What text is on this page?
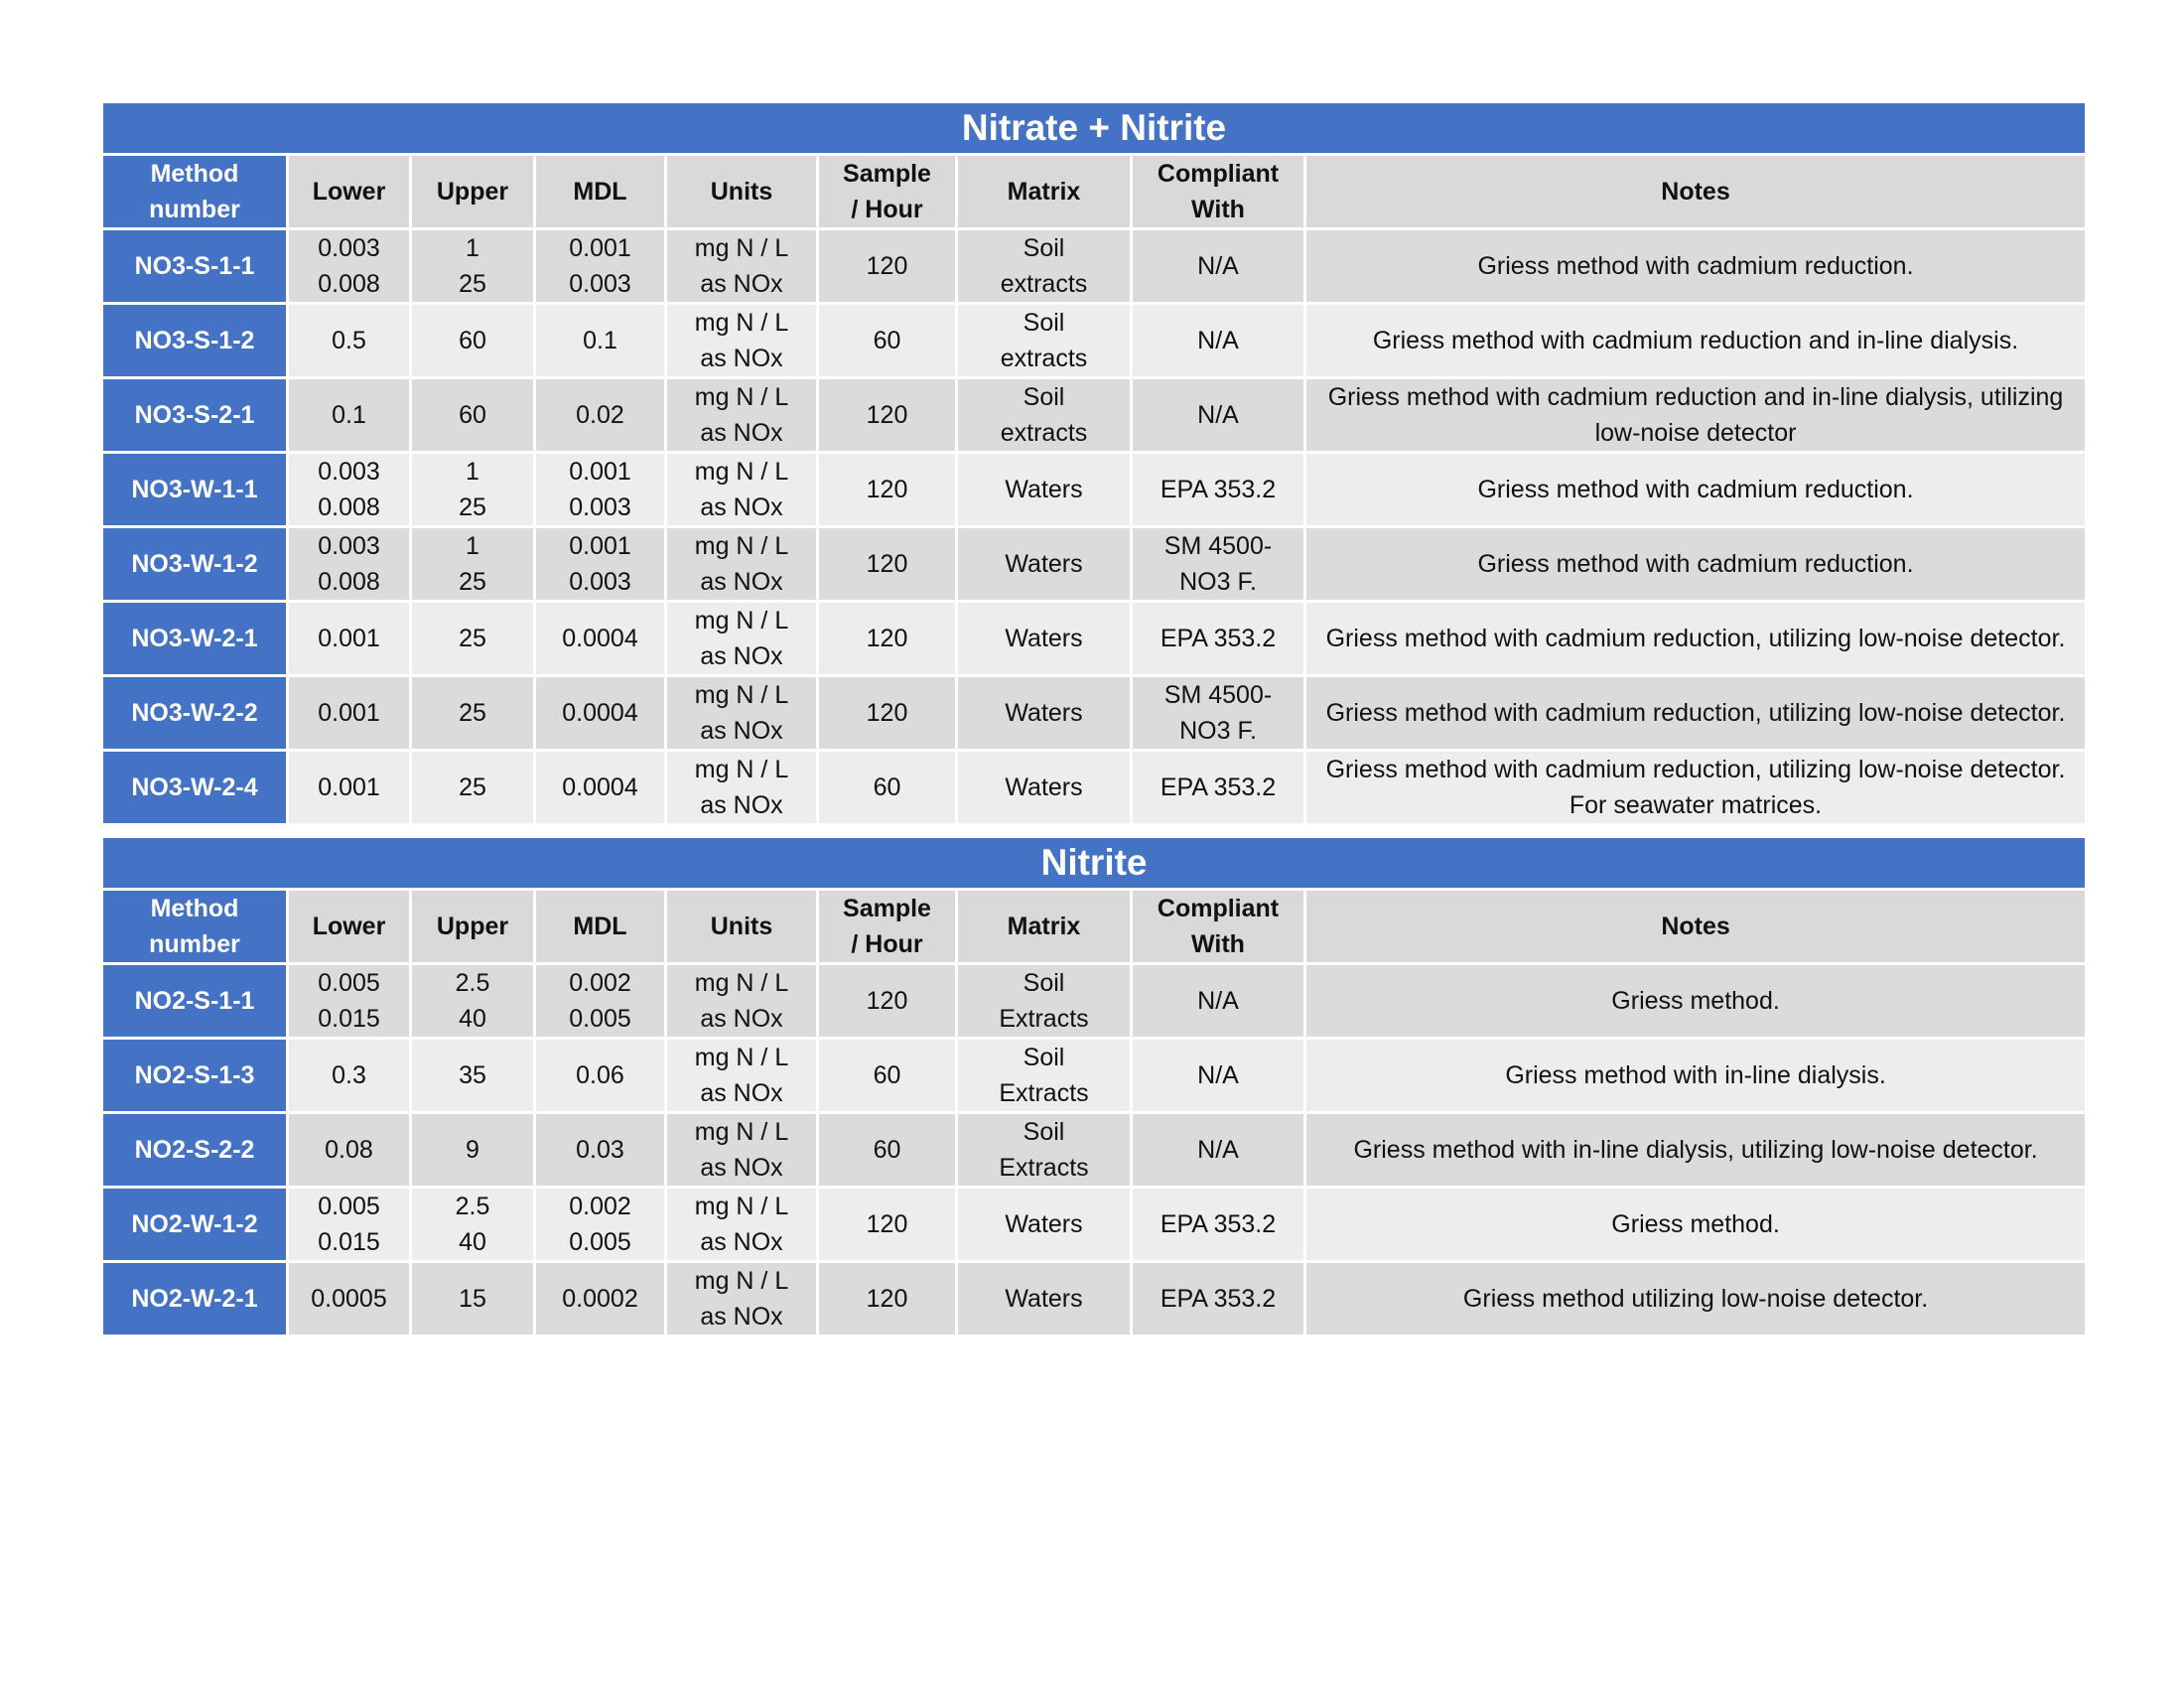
Nitrate + Nitrite								
Method
number	Lower	Upper	MDL	Units	Sample
/ Hour	Matrix	Compliant
With	Notes
NO3-S-1-1	0.003
0.008	1
25	0.001
0.003	mg N / L
as NOx	120	Soil
extracts	N/A	Griess method with cadmium reduction.
NO3-S-1-2	0.5	60	0.1	mg N / L
as NOx	60	Soil
extracts	N/A	Griess method with cadmium reduction and in-line dialysis.
NO3-S-2-1	0.1	60	0.02	mg N / L
as NOx	120	Soil
extracts	N/A	Griess method with cadmium reduction and in-line dialysis, utilizing low-noise detector
NO3-W-1-1	0.003
0.008	1
25	0.001
0.003	mg N / L
as NOx	120	Waters	EPA 353.2	Griess method with cadmium reduction.
NO3-W-1-2	0.003
0.008	1
25	0.001
0.003	mg N / L
as NOx	120	Waters	SM 4500-
NO3 F.	Griess method with cadmium reduction.
NO3-W-2-1	0.001	25	0.0004	mg N / L
as NOx	120	Waters	EPA 353.2	Griess method with cadmium reduction, utilizing low-noise detector.
NO3-W-2-2	0.001	25	0.0004	mg N / L
as NOx	120	Waters	SM 4500-
NO3 F.	Griess method with cadmium reduction, utilizing low-noise detector.
NO3-W-2-4	0.001	25	0.0004	mg N / L
as NOx	60	Waters	EPA 353.2	Griess method with cadmium reduction, utilizing low-noise detector. For seawater matrices.
Nitrite								
Method
number	Lower	Upper	MDL	Units	Sample
/ Hour	Matrix	Compliant
With	Notes
NO2-S-1-1	0.005
0.015	2.5
40	0.002
0.005	mg N / L
as NOx	120	Soil
Extracts	N/A	Griess method.
NO2-S-1-3	0.3	35	0.06	mg N / L
as NOx	60	Soil
Extracts	N/A	Griess method with in-line dialysis.
NO2-S-2-2	0.08	9	0.03	mg N / L
as NOx	60	Soil
Extracts	N/A	Griess method with in-line dialysis, utilizing low-noise detector.
NO2-W-1-2	0.005
0.015	2.5
40	0.002
0.005	mg N / L
as NOx	120	Waters	EPA 353.2	Griess method.
NO2-W-2-1	0.0005	15	0.0002	mg N / L
as NOx	120	Waters	EPA 353.2	Griess method utilizing low-noise detector.
